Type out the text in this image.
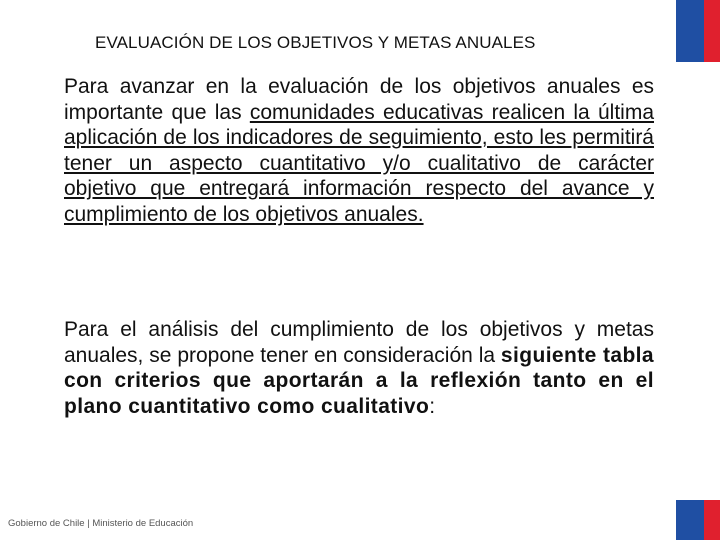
EVALUACIÓN DE LOS OBJETIVOS Y METAS ANUALES

Para avanzar en la evaluación de los objetivos anuales es importante que las comunidades educativas realicen la última aplicación de los indicadores de seguimiento, esto les permitirá tener un aspecto cuantitativo y/o cualitativo de carácter objetivo que entregará información respecto del avance y cumplimiento de los objetivos anuales.

Para el análisis del cumplimiento de los objetivos y metas anuales, se propone tener en consideración la siguiente tabla con criterios que aportarán a la reflexión tanto en el plano cuantitativo como cualitativo:

Gobierno de Chile | Ministerio de Educación
